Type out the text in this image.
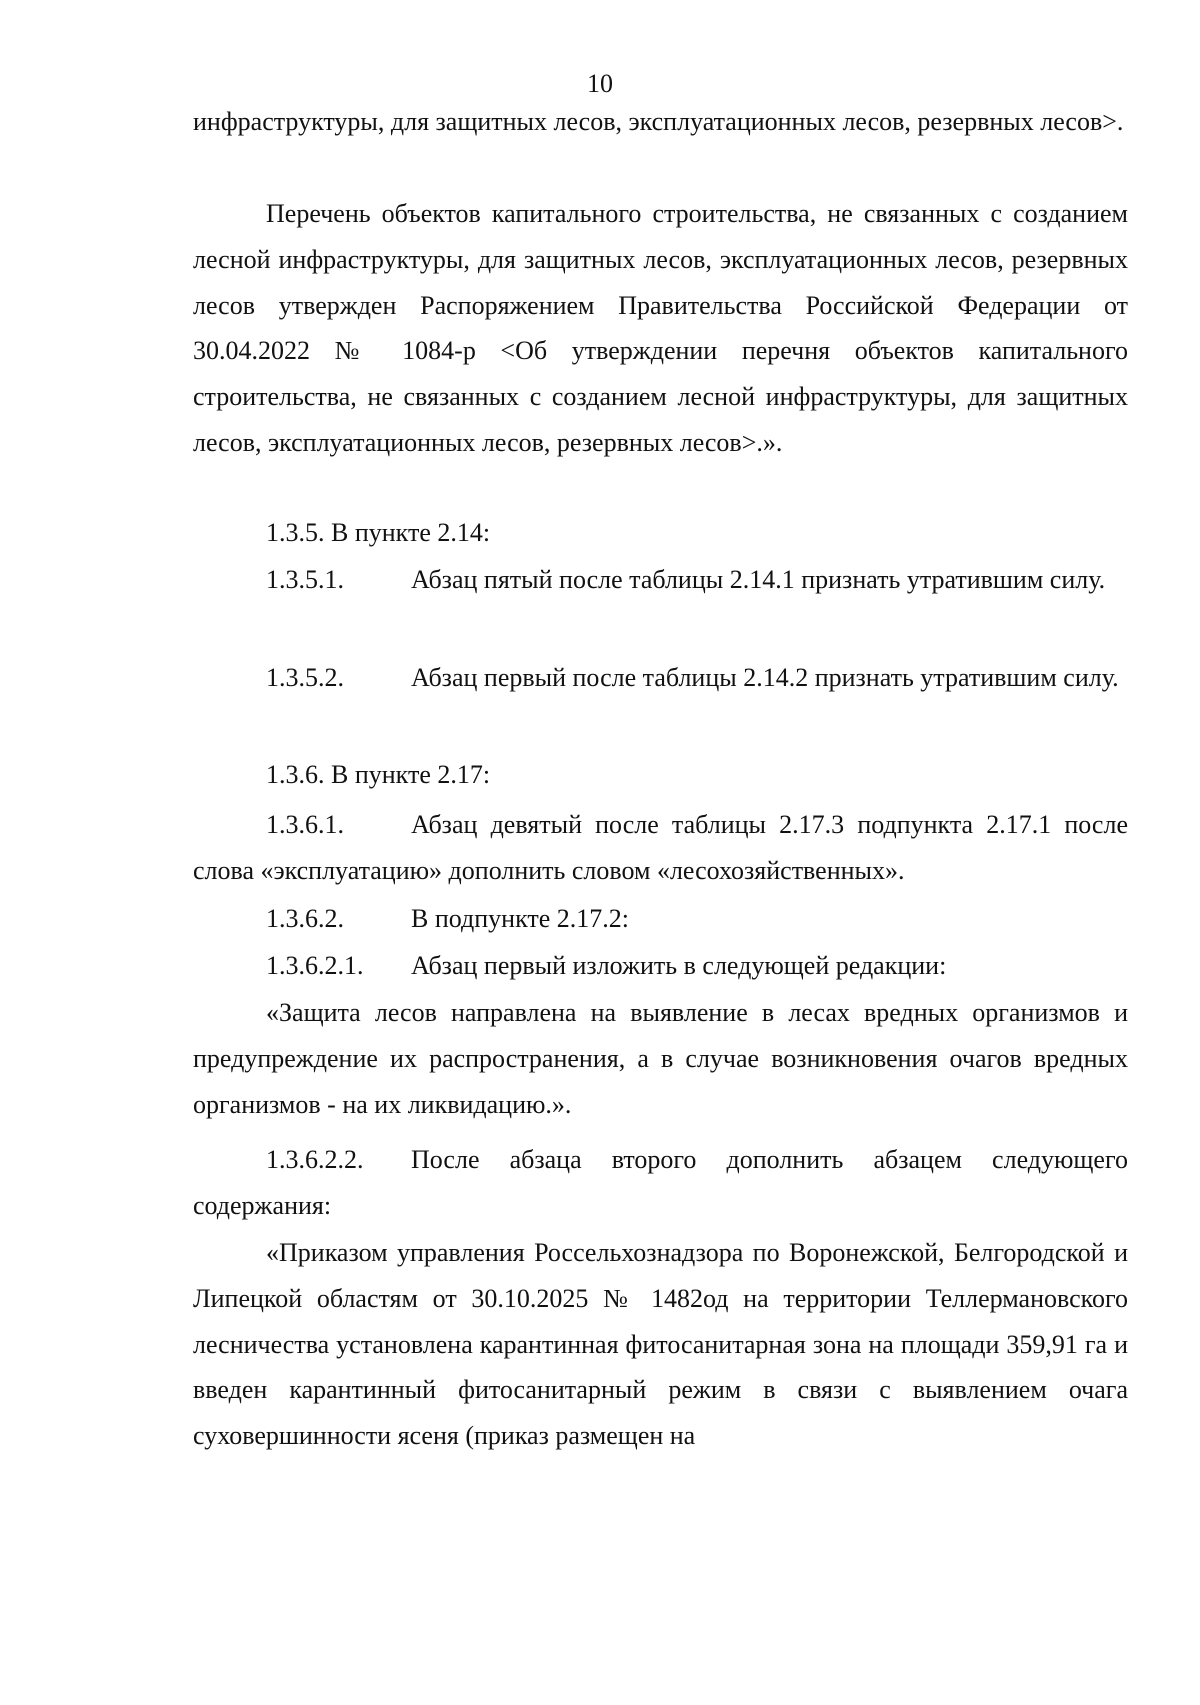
10

инфраструктуры, для защитных лесов, эксплуатационных лесов, резервных лесов>.

Перечень объектов капитального строительства, не связанных с созданием лесной инфраструктуры, для защитных лесов, эксплуатационных лесов, резервных лесов утвержден Распоряжением Правительства Российской Федерации от 30.04.2022 № 1084-р <Об утверждении перечня объектов капитального строительства, не связанных с созданием лесной инфраструктуры, для защитных лесов, эксплуатационных лесов, резервных лесов>.».

1.3.5. В пункте 2.14:

1.3.5.1.	Абзац пятый после таблицы 2.14.1 признать утратившим силу.
1.3.5.2.	Абзац первый после таблицы 2.14.2 признать утратившим силу.

1.3.6. В пункте 2.17:

1.3.6.1.	Абзац девятый после таблицы 2.17.3 подпункта 2.17.1 после слова «эксплуатацию» дополнить словом «лесохозяйственных».
1.3.6.2.	В подпункте 2.17.2:
1.3.6.2.1.	Абзац первый изложить в следующей редакции:

«Защита лесов направлена на выявление в лесах вредных организмов и предупреждение их распространения, а в случае возникновения очагов вредных организмов - на их ликвидацию.».

1.3.6.2.2.	После абзаца второго дополнить абзацем следующего содержания:

«Приказом управления Россельхознадзора по Воронежской, Белгородской и Липецкой областям от 30.10.2025 № 1482од на территории Теллермановского лесничества установлена карантинная фитосанитарная зона на площади 359,91 га и введен карантинный фитосанитарный режим в связи с выявлением очага суховершинности ясеня (приказ размещен на
